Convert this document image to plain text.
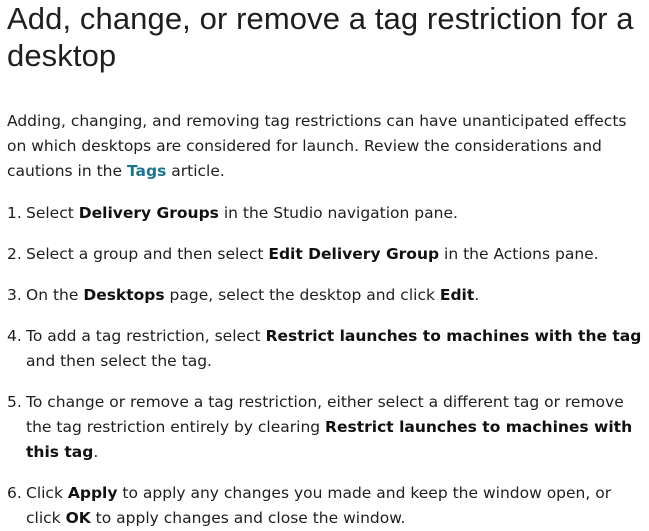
Add, change, or remove a tag restriction for a desktop

Adding, changing, and removing tag restrictions can have unanticipated effects on which desktops are considered for launch. Review the considerations and cautions in the Tags article.

1. Select Delivery Groups in the Studio navigation pane.
2. Select a group and then select Edit Delivery Group in the Actions pane.
3. On the Desktops page, select the desktop and click Edit.
4. To add a tag restriction, select Restrict launches to machines with the tag and then select the tag.
5. To change or remove a tag restriction, either select a different tag or remove the tag restriction entirely by clearing Restrict launches to machines with this tag.
6. Click Apply to apply any changes you made and keep the window open, or click OK to apply changes and close the window.
